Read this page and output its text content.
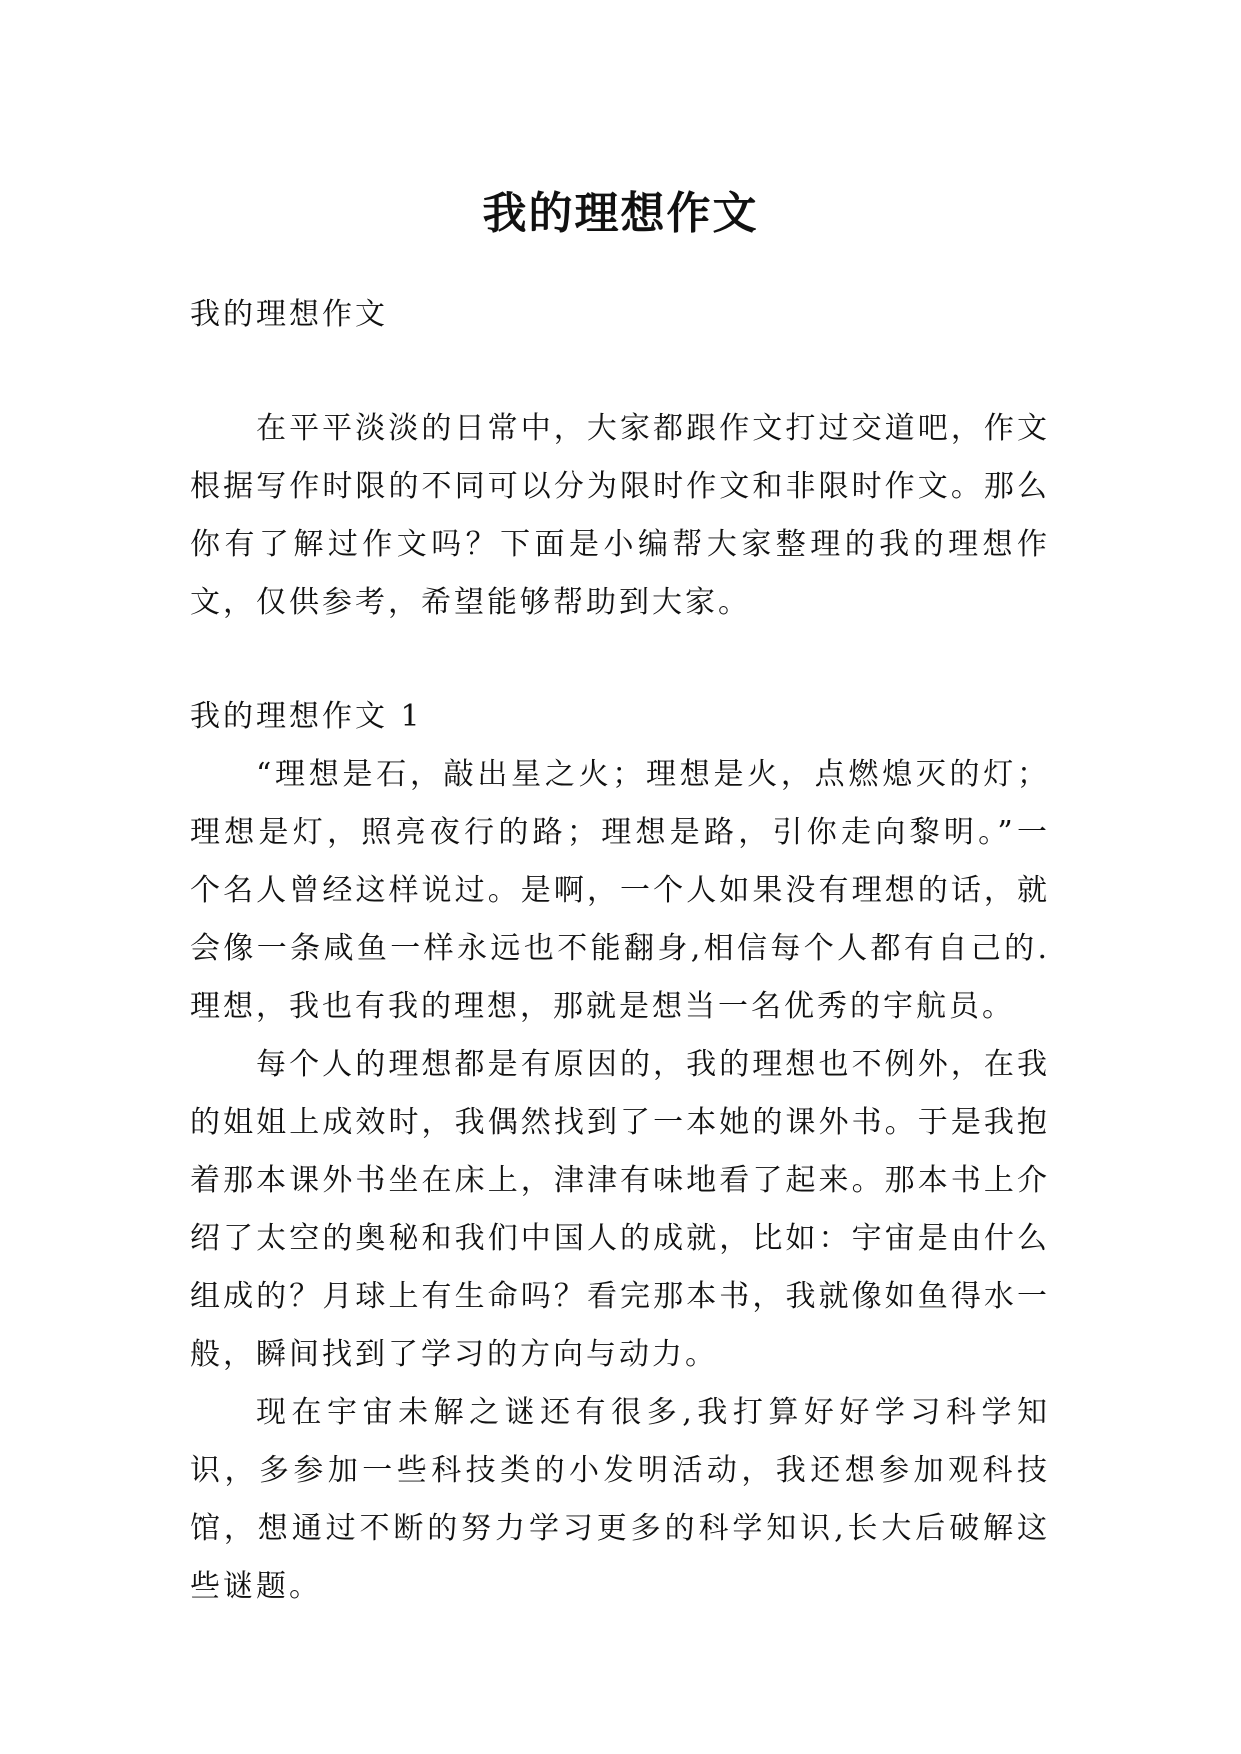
我的理想作文

我的理想作文

在平平淡淡的日常中，大家都跟作文打过交道吧，作文根据写作时限的不同可以分为限时作文和非限时作文。那么你有了解过作文吗？下面是小编帮大家整理的我的理想作文，仅供参考，希望能够帮助到大家。

我的理想作文 1

“理想是石，敲出星之火；理想是火，点燃熄灭的灯；理想是灯，照亮夜行的路；理想是路，引你走向黎明。”一个名人曾经这样说过。是啊，一个人如果没有理想的话，就会像一条咸鱼一样永远也不能翻身,相信每个人都有自己的.理想，我也有我的理想，那就是想当一名优秀的宇航员。

每个人的理想都是有原因的，我的理想也不例外，在我的姐姐上成效时，我偶然找到了一本她的课外书。于是我抱着那本课外书坐在床上，津津有味地看了起来。那本书上介绍了太空的奥秘和我们中国人的成就，比如：宇宙是由什么组成的？月球上有生命吗？看完那本书，我就像如鱼得水一般，瞬间找到了学习的方向与动力。

现在宇宙未解之谜还有很多,我打算好好学习科学知识，多参加一些科技类的小发明活动，我还想参加观科技馆，想通过不断的努力学习更多的科学知识,长大后破解这些谜题。
